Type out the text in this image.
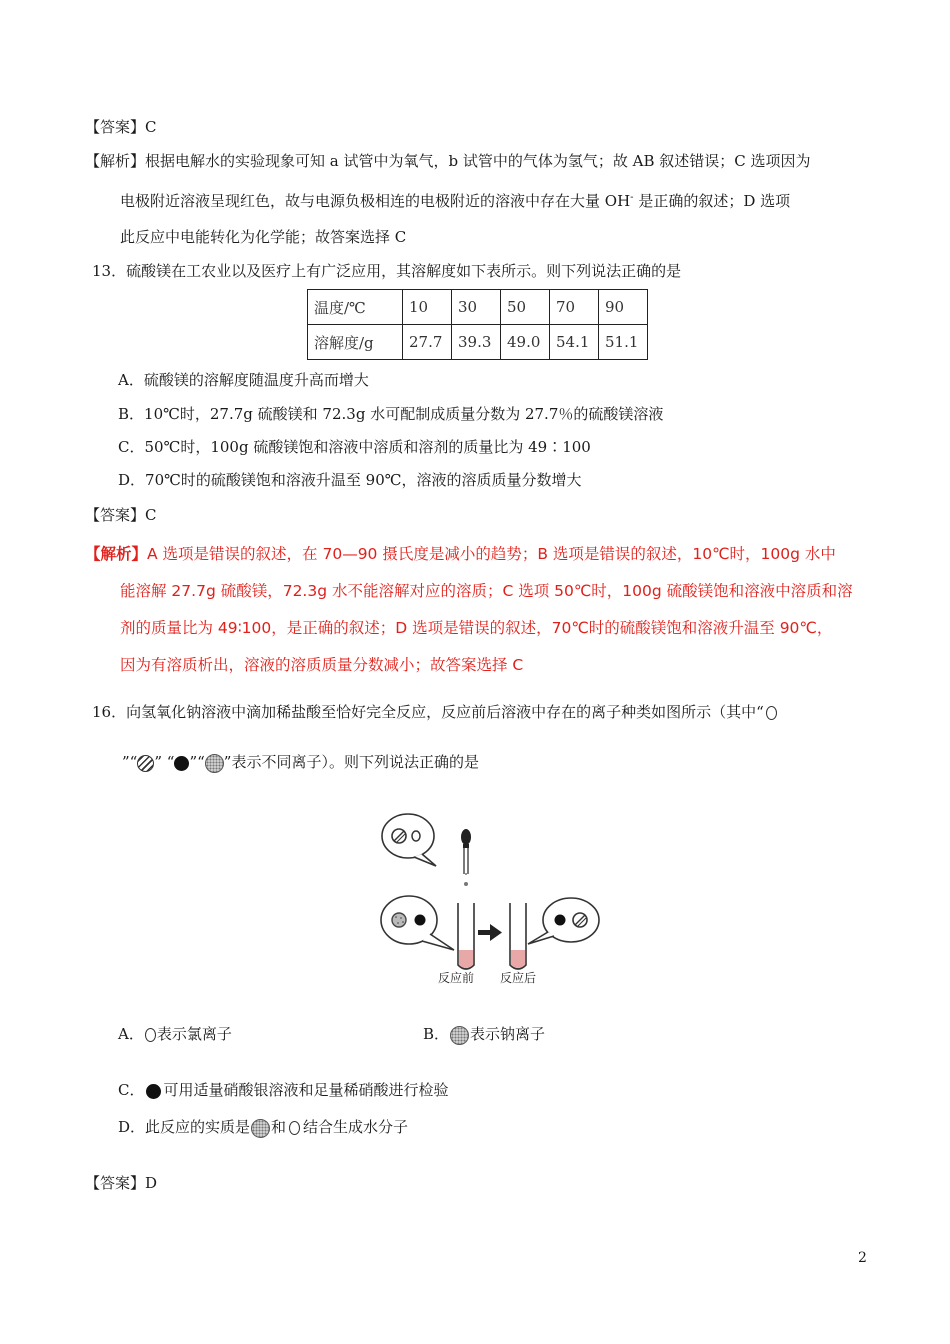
【答案】C
【解析】根据电解水的实验现象可知 a 试管中为氧气，b 试管中的气体为氢气；故 AB 叙述错误；C 选项因为
电极附近溶液呈现红色，故与电源负极相连的电极附近的溶液中存在大量 OH- 是正确的叙述；D 选项
此反应中电能转化为化学能；故答案选择 C
13．硫酸镁在工农业以及医疗上有广泛应用，其溶解度如下表所示。则下列说法正确的是
温度/℃	10	30	50	70	90
溶解度/g	27.7	39.3	49.0	54.1	51.1
A．硫酸镁的溶解度随温度升高而增大
B．10℃时，27.7g 硫酸镁和 72.3g 水可配制成质量分数为 27.7％的硫酸镁溶液
C．50℃时，100g 硫酸镁饱和溶液中溶质和溶剂的质量比为 49∶100
D．70℃时的硫酸镁饱和溶液升温至 90℃，溶液的溶质质量分数增大
【答案】C
【解析】A 选项是错误的叙述，在 70—90 摄氏度是减小的趋势；B 选项是错误的叙述，10℃时，100g 水中
能溶解 27.7g 硫酸镁，72.3g 水不能溶解对应的溶质；C 选项 50℃时，100g 硫酸镁饱和溶液中溶质和溶
剂的质量比为 49∶100，是正确的叙述；D 选项是错误的叙述，70℃时的硫酸镁饱和溶液升温至 90℃，
因为有溶质析出，溶液的溶质质量分数减小；故答案选择 C
16．向氢氧化钠溶液中滴加稀盐酸至恰好完全反应，反应前后溶液中存在的离子种类如图所示（其中“
”“ ” “ ”“ ”表示不同离子）。则下列说法正确的是
反应前 反应后
A． 表示氯离子	B． 表示钠离子
C． 可用适量硝酸银溶液和足量稀硝酸进行检验
D．此反应的实质是 和 结合生成水分子
【答案】D
2
